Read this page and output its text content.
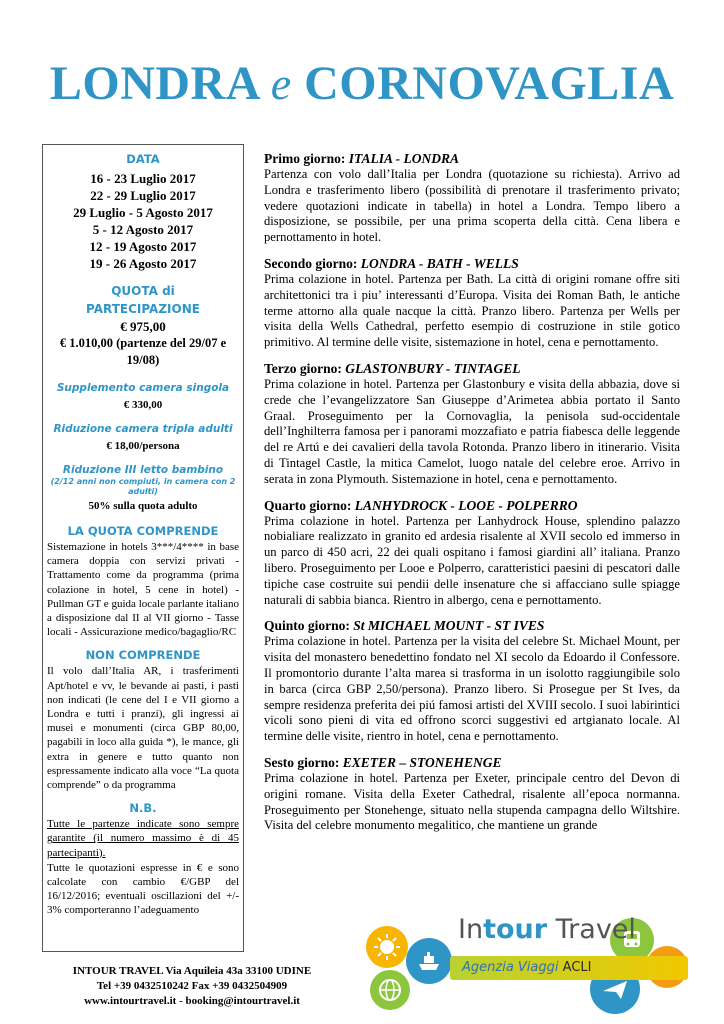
LONDRA e CORNOVAGLIA
DATA
16 - 23 Luglio 2017
22 - 29 Luglio 2017
29 Luglio - 5 Agosto 2017
5 - 12 Agosto 2017
12 - 19 Agosto 2017
19 - 26 Agosto 2017
QUOTA di
PARTECIPAZIONE
€ 975,00
€ 1.010,00 (partenze del 29/07 e 19/08)
Supplemento camera singola
€ 330,00
Riduzione camera tripla adulti
€ 18,00/persona
Riduzione III letto bambino
(2/12 anni non compiuti, in camera con 2 adulti)
50% sulla quota adulto
LA QUOTA COMPRENDE
Sistemazione in hotels 3***/4**** in base camera doppia con servizi privati - Trattamento come da programma (prima colazione in hotel, 5 cene in hotel) - Pullman GT e guida locale parlante italiano a disposizione dal II al VII giorno - Tasse locali - Assicurazione medico/bagaglio/RC
NON COMPRENDE
Il volo dall’Italia AR, i trasferimenti Apt/hotel e vv, le bevande ai pasti, i pasti non indicati (le cene del I e VII giorno a Londra e tutti i pranzi), gli ingressi ai musei e monumenti (circa GBP 80,00, pagabili in loco alla guida *), le mance, gli extra in genere e tutto quanto non espressamente indicato alla voce “La quota comprende” o da programma
N.B.
Tutte le partenze indicate sono sempre garantite (il numero massimo è di 45 partecipanti).
Tutte le quotazioni espresse in € e sono calcolate con cambio €/GBP del 16/12/2016; eventuali oscillazioni del +/- 3% comporteranno l’adeguamento
Primo giorno: ITALIA - LONDRA

Partenza con volo dall’Italia per Londra (quotazione su richiesta). Arrivo ad Londra e trasferimento libero (possibilità di prenotare il trasferimento privato; vedere quotazioni indicate in tabella) in hotel a Londra. Tempo libero a disposizione, se possibile, per una prima scoperta della città. Cena libera e pernottamento in hotel.

Secondo giorno: LONDRA - BATH - WELLS

Prima colazione in hotel. Partenza per Bath. La città di origini romane offre siti architettonici tra i piu’ interessanti d’Europa. Visita dei Roman Bath, le antiche terme attorno alla quale nacque la città. Pranzo libero. Partenza per Wells per visita della Wells Cathedral, perfetto esempio di costruzione in stile gotico primitivo. Al termine delle visite, sistemazione in hotel, cena e pernottamento.

Terzo giorno: GLASTONBURY - TINTAGEL

Prima colazione in hotel. Partenza per Glastonbury e visita della abbazia, dove si crede che l’evangelizzatore San Giuseppe d’Arimetea abbia portato il Santo Graal. Proseguimento per la Cornovaglia, la penisola sud-occidentale dell’Inghilterra famosa per i panorami mozzafiato e patria fiabesca delle leggende del re Artú e dei cavalieri della tavola Rotonda. Pranzo libero in itinerario. Visita di Tintagel Castle, la mitica Camelot, luogo natale del celebre eroe. Arrivo in serata in zona Plymouth. Sistemazione in hotel, cena e pernottamento.

Quarto giorno: LANHYDROCK - LOOE - POLPERRO

Prima colazione in hotel. Partenza per Lanhydrock House, splendino palazzo nobialiare realizzato in granito ed ardesia risalente al XVII secolo ed immerso in un parco di 450 acri, 22 dei quali ospitano i famosi giardini all’ italiana. Pranzo libero. Proseguimento per Looe e Polperro, caratteristici paesini di pescatori dalle tipiche case costruite sui pendii delle insenature che si affacciano sulle spiagge naturali di sabbia bianca. Rientro in albergo, cena e pernottamento.

Quinto giorno: St MICHAEL MOUNT - ST IVES

Prima colazione in hotel. Partenza per la visita del celebre St. Michael Mount, per visita del monastero benedettino fondato nel XI secolo da Edoardo il Confessore. Il promontorio durante l’alta marea si trasforma in un isolotto raggiungibile solo in barca (circa GBP 2,50/persona). Pranzo libero. Si Prosegue per St Ives, da sempre residenza preferita dei piú famosi artisti del XVIII secolo. I suoi labirintici vicoli sono pieni di vita ed offrono scorci suggestivi ed artgianato locale. Al termine delle visite, rientro in hotel, cena e pernottamento.

Sesto giorno: EXETER – STONEHENGE

Prima colazione in hotel. Partenza per Exeter, principale centro del Devon di origini romane. Visita della Exeter Cathedral, risalente all’epoca normanna. Proseguimento per Stonehenge, situato nella stupenda campagna dello Wiltshire. Visita del celebre monumento megalitico, che mantiene un grande

INTOUR TRAVEL Via Aquileia 43a 33100 UDINE
Tel +39 0432510242 Fax +39 0432504909
www.intourtravel.it - booking@intourtravel.it
Intour Travel
Agenzia Viaggi ACLI
